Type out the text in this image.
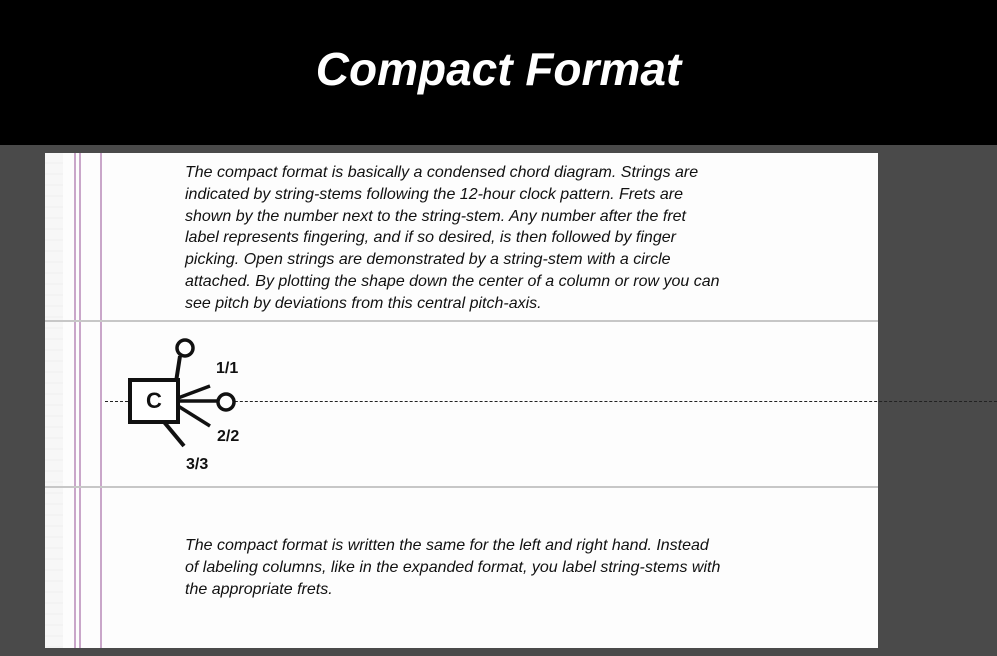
Compact Format
The compact format is basically a condensed chord diagram. Strings are
indicated by string-stems following the 12-hour clock pattern. Frets are
shown by the number next to the string-stem. Any number after the fret
label represents fingering, and if so desired, is then followed by finger
picking. Open strings are demonstrated by a string-stem with a circle
attached. By plotting the shape down the center of a column or row you can
see pitch by deviations from this central pitch-axis.
The compact format is written the same for the left and right hand. Instead
of labeling columns, like in the expanded format, you label string-stems with
the appropriate frets.
C
1/1
2/2
3/3
